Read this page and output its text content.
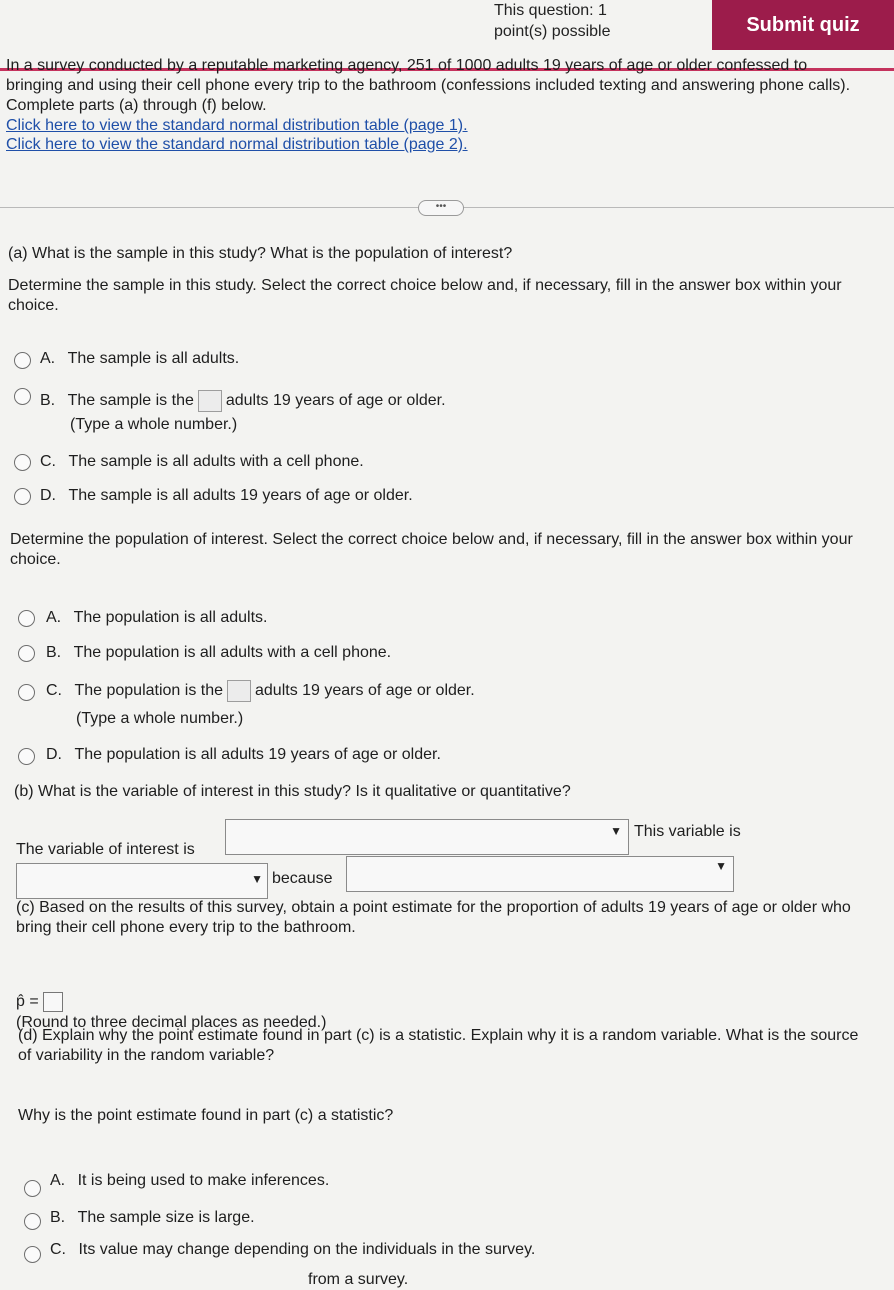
This question: 1
point(s) possible	Submit quiz
In a survey conducted by a reputable marketing agency, 251 of 1000 adults 19 years of age or older confessed to bringing and using their cell phone every trip to the bathroom (confessions included texting and answering phone calls). Complete parts (a) through (f) below.
Click here to view the standard normal distribution table (page 1).
Click here to view the standard normal distribution table (page 2).
•••
(a) What is the sample in this study? What is the population of interest?
Determine the sample in this study. Select the correct choice below and, if necessary, fill in the answer box within your choice.
A. The sample is all adults.
B. The sample is the adults 19 years of age or older.
(Type a whole number.)
C. The sample is all adults with a cell phone.
D. The sample is all adults 19 years of age or older.
Determine the population of interest. Select the correct choice below and, if necessary, fill in the answer box within your choice.
A. The population is all adults.
B. The population is all adults with a cell phone.
C. The population is the adults 19 years of age or older.
(Type a whole number.)
D. The population is all adults 19 years of age or older.
(b) What is the variable of interest in this study? Is it qualitative or quantitative?
The variable of interest is
▼ This variable is
▼ because
▼
(c) Based on the results of this survey, obtain a point estimate for the proportion of adults 19 years of age or older who bring their cell phone every trip to the bathroom.
p̂ =
(Round to three decimal places as needed.)
(d) Explain why the point estimate found in part (c) is a statistic. Explain why it is a random variable. What is the source of variability in the random variable?
Why is the point estimate found in part (c) a statistic?
A. It is being used to make inferences.
B. The sample size is large.
C. Its value may change depending on the individuals in the survey.
from a survey.
